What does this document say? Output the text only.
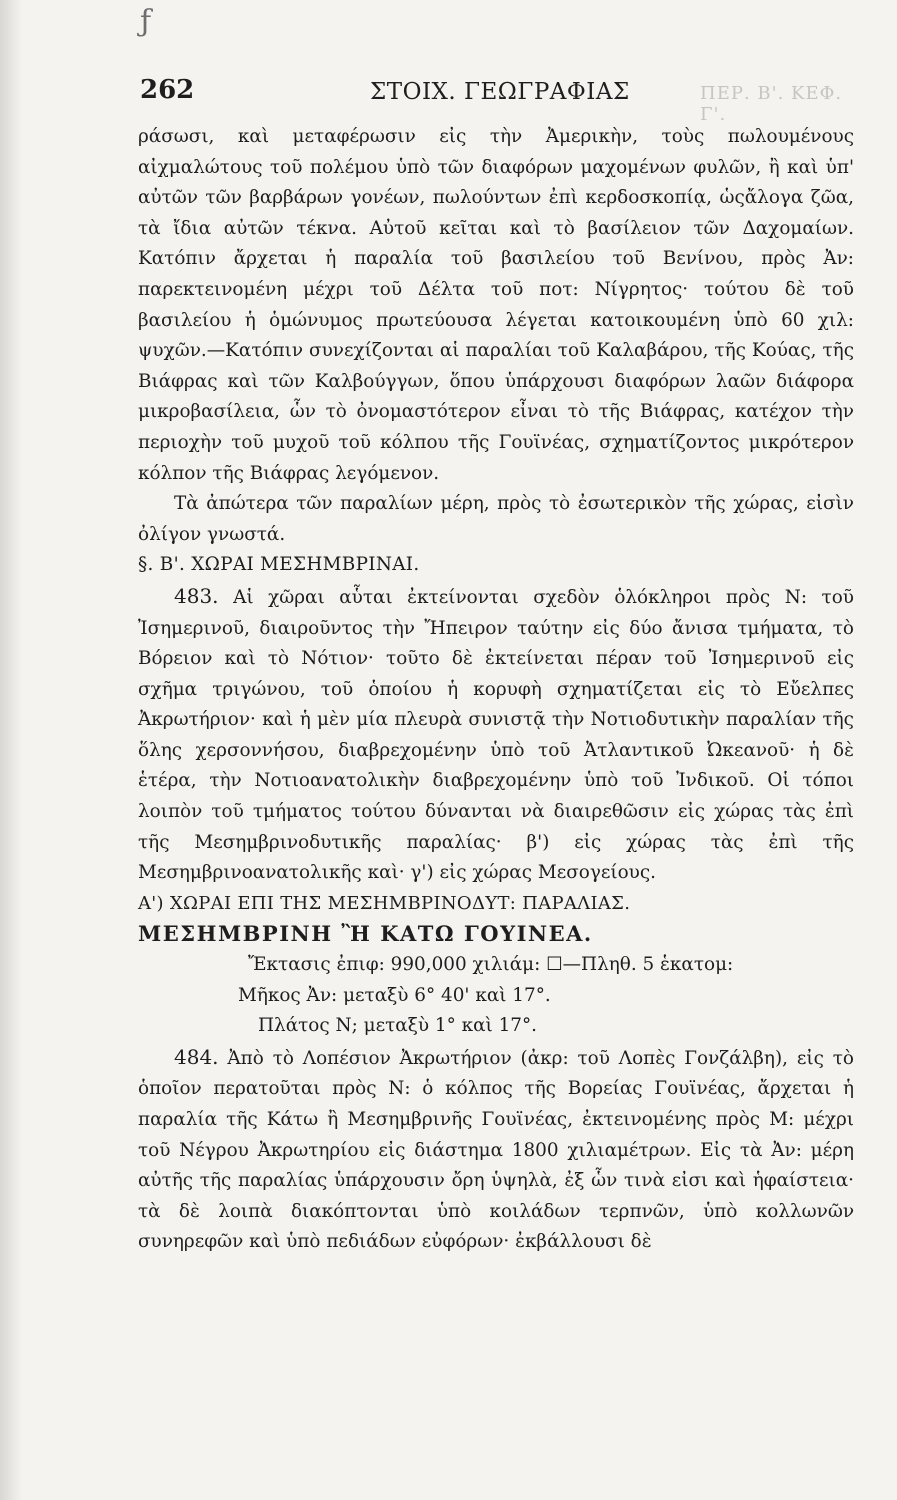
ƒ
262	ΣΤΟΙΧ. ΓΕΩΓΡΑΦΙΑΣ	ΠΕΡ. Β'. ΚΕΦ. Γ'.

ράσωσι, καὶ μεταφέρωσιν εἰς τὴν Ἀμερικὴν, τοὺς πωλουμένους αἰχμαλώτους τοῦ πολέμου ὑπὸ τῶν διαφόρων μαχομένων φυλῶν, ἢ καὶ ὑπ' αὐτῶν τῶν βαρβάρων γονέων, πωλούντων ἐπὶ κερδοσκοπίᾳ, ὡςἄλογα ζῶα, τὰ ἴδια αὐτῶν τέκνα. Αὐτοῦ κεῖται καὶ τὸ βασίλειον τῶν Δαχομαίων. Κατόπιν ἄρχεται ἡ παραλία τοῦ βασιλείου τοῦ Βενίνου, πρὸς Ἀν: παρεκτεινομένη μέχρι τοῦ Δέλτα τοῦ ποτ: Νίγρητος· τούτου δὲ τοῦ βασιλείου ἡ ὁμώνυμος πρωτεύουσα λέγεται κατοικουμένη ὑπὸ 60 χιλ: ψυχῶν.—Κατόπιν συνεχίζονται αἱ παραλίαι τοῦ Καλαβάρου, τῆς Κούας, τῆς Βιάφρας καὶ τῶν Καλβούγγων, ὅπου ὑπάρχουσι διαφόρων λαῶν διάφορα μικροβασίλεια, ὧν τὸ ὀνομαστότερον εἶναι τὸ τῆς Βιάφρας, κατέχον τὴν περιοχὴν τοῦ μυχοῦ τοῦ κόλπου τῆς Γουϊνέας, σχηματίζοντος μικρότερον κόλπον τῆς Βιάφρας λεγόμενον.

Τὰ ἀπώτερα τῶν παραλίων μέρη, πρὸς τὸ ἐσωτερικὸν τῆς χώρας, εἰσὶν ὀλίγον γνωστά.

§. Β'. ΧΩΡΑΙ ΜΕΣΗΜΒΡΙΝΑΙ.

483. Αἱ χῶραι αὗται ἐκτείνονται σχεδὸν ὁλόκληροι πρὸς Ν: τοῦ Ἰσημερινοῦ, διαιροῦντος τὴν Ἤπειρον ταύτην εἰς δύο ἄνισα τμήματα, τὸ Βόρειον καὶ τὸ Νότιον· τοῦτο δὲ ἐκτείνεται πέραν τοῦ Ἰσημερινοῦ εἰς σχῆμα τριγώνου, τοῦ ὁποίου ἡ κορυφὴ σχηματίζεται εἰς τὸ Εὔελπες Ἀκρωτήριον· καὶ ἡ μὲν μία πλευρὰ συνιστᾷ τὴν Νοτιοδυτικὴν παραλίαν τῆς ὅλης χερσοννήσου, διαβρεχομένην ὑπὸ τοῦ Ἀτλαντικοῦ Ὠκεανοῦ· ἡ δὲ ἑτέρα, τὴν Νοτιοανατολικὴν διαβρεχομένην ὑπὸ τοῦ Ἰνδικοῦ. Οἱ τόποι λοιπὸν τοῦ τμήματος τούτου δύνανται νὰ διαιρεθῶσιν εἰς χώρας τὰς ἐπὶ τῆς Μεσημβρινοδυτικῆς παραλίας· β') εἰς χώρας τὰς ἐπὶ τῆς Μεσημβρινοανατολικῆς καὶ· γ') εἰς χώρας Μεσογείους.

Α') ΧΩΡΑΙ ΕΠΙ ΤΗΣ ΜΕΣΗΜΒΡΙΝΟΔΥΤ: ΠΑΡΑΛΙΑΣ.

ΜΕΣΗΜΒΡΙΝΗ Ἢ ΚΑΤΩ ΓΟΥΙΝΕΑ.

Ἔκτασις ἐπιφ: 990,000 χιλιάμ: ☐—Πληθ. 5 ἑκατομ:

Μῆκος Ἀν: μεταξὺ 6° 40' καὶ 17°.

Πλάτος Ν; μεταξὺ 1° καὶ 17°.

484. Ἀπὸ τὸ Λοπέσιον Ἀκρωτήριον (ἀκρ: τοῦ Λοπὲς Γονζάλβη), εἰς τὸ ὁποῖον περατοῦται πρὸς Ν: ὁ κόλπος τῆς Βορείας Γουϊνέας, ἄρχεται ἡ παραλία τῆς Κάτω ἢ Μεσημβρινῆς Γουϊνέας, ἐκτεινομένης πρὸς Μ: μέχρι τοῦ Νέγρου Ἀκρωτηρίου εἰς διάστημα 1800 χιλιαμέτρων. Εἰς τὰ Ἀν: μέρη αὐτῆς τῆς παραλίας ὑπάρχουσιν ὄρη ὑψηλὰ, ἐξ ὧν τινὰ εἰσι καὶ ἡφαίστεια· τὰ δὲ λοιπὰ διακόπτονται ὑπὸ κοιλάδων τερπνῶν, ὑπὸ κολλωνῶν συνηρεφῶν καὶ ὑπὸ πεδιάδων εὐφόρων· ἐκβάλλουσι δὲ
